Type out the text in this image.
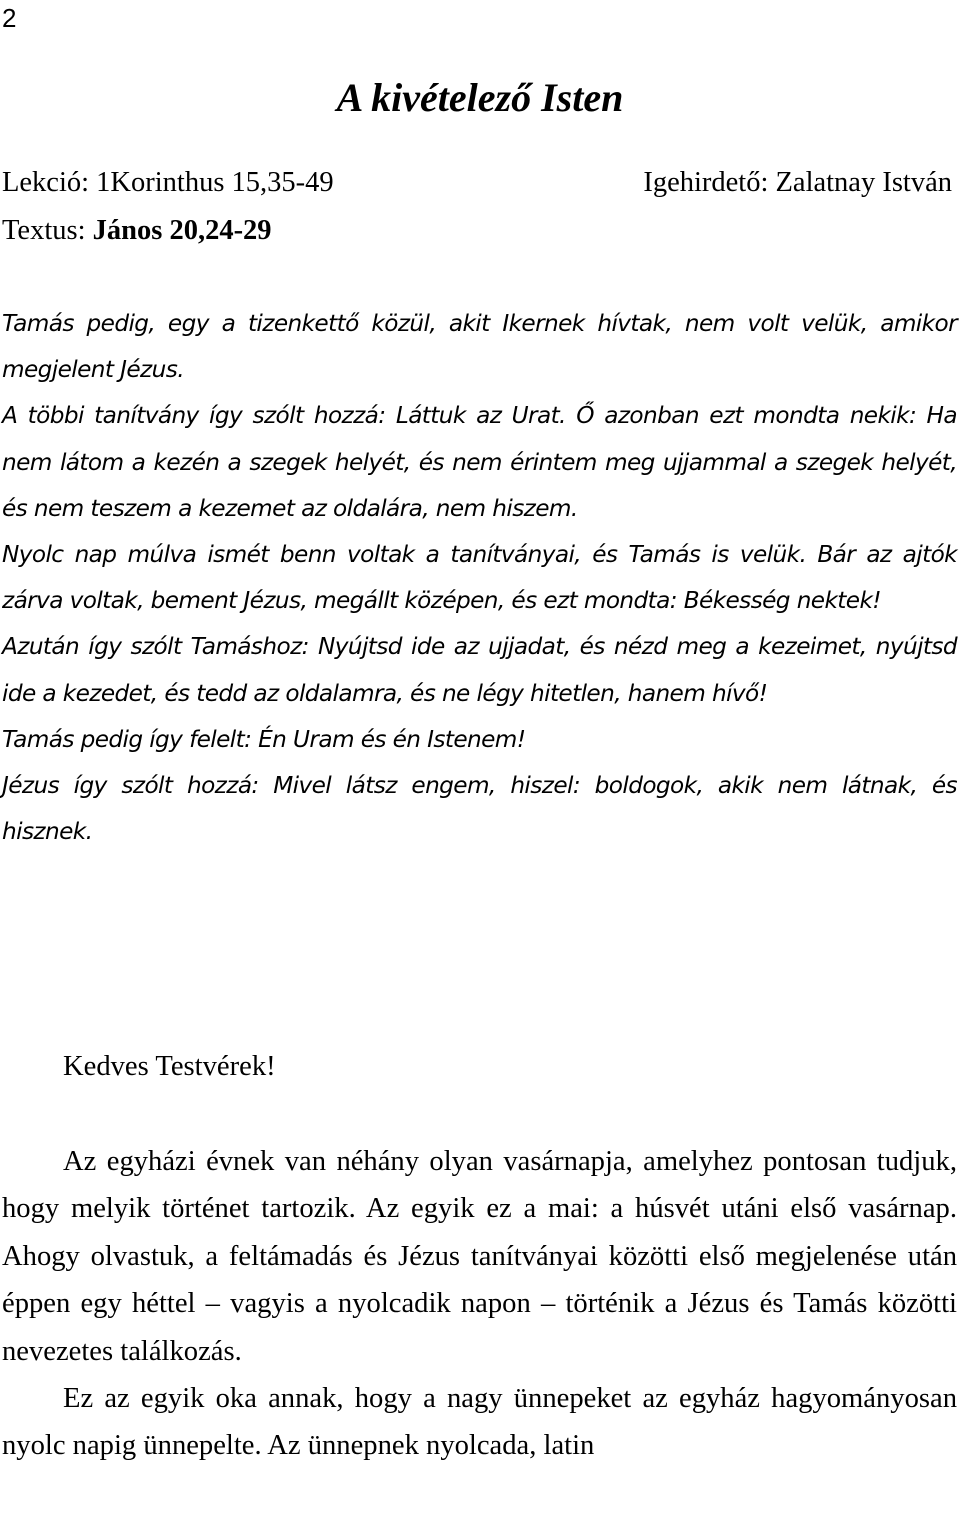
2
A kivételező Isten
Lekció: 1Korinthus 15,35-49	Igehirdető: Zalatnay István
Textus: János 20,24-29

Tamás pedig, egy a tizenkettő közül, akit Ikernek hívtak, nem volt velük, amikor megjelent Jézus.

A többi tanítvány így szólt hozzá: Láttuk az Urat. Ő azonban ezt mondta nekik: Ha nem látom a kezén a szegek helyét, és nem érintem meg ujjammal a szegek helyét, és nem teszem a kezemet az oldalára, nem hiszem.

Nyolc nap múlva ismét benn voltak a tanítványai, és Tamás is velük. Bár az ajtók zárva voltak, bement Jézus, megállt középen, és ezt mondta: Békesség nektek!

Azután így szólt Tamáshoz: Nyújtsd ide az ujjadat, és nézd meg a kezeimet, nyújtsd ide a kezedet, és tedd az oldalamra, és ne légy hitetlen, hanem hívő!

Tamás pedig így felelt: Én Uram és én Istenem!

Jézus így szólt hozzá: Mivel látsz engem, hiszel: boldogok, akik nem látnak, és hisznek.

Kedves Testvérek!

Az egyházi évnek van néhány olyan vasárnapja, amelyhez pontosan tudjuk, hogy melyik történet tartozik. Az egyik ez a mai: a húsvét utáni első vasárnap. Ahogy olvastuk, a feltámadás és Jézus tanítványai közötti első megjelenése után éppen egy héttel – vagyis a nyolcadik napon – történik a Jézus és Tamás közötti nevezetes találkozás.

Ez az egyik oka annak, hogy a nagy ünnepeket az egyház hagyományosan nyolc napig ünnepelte. Az ünnepnek nyolcada, latin
